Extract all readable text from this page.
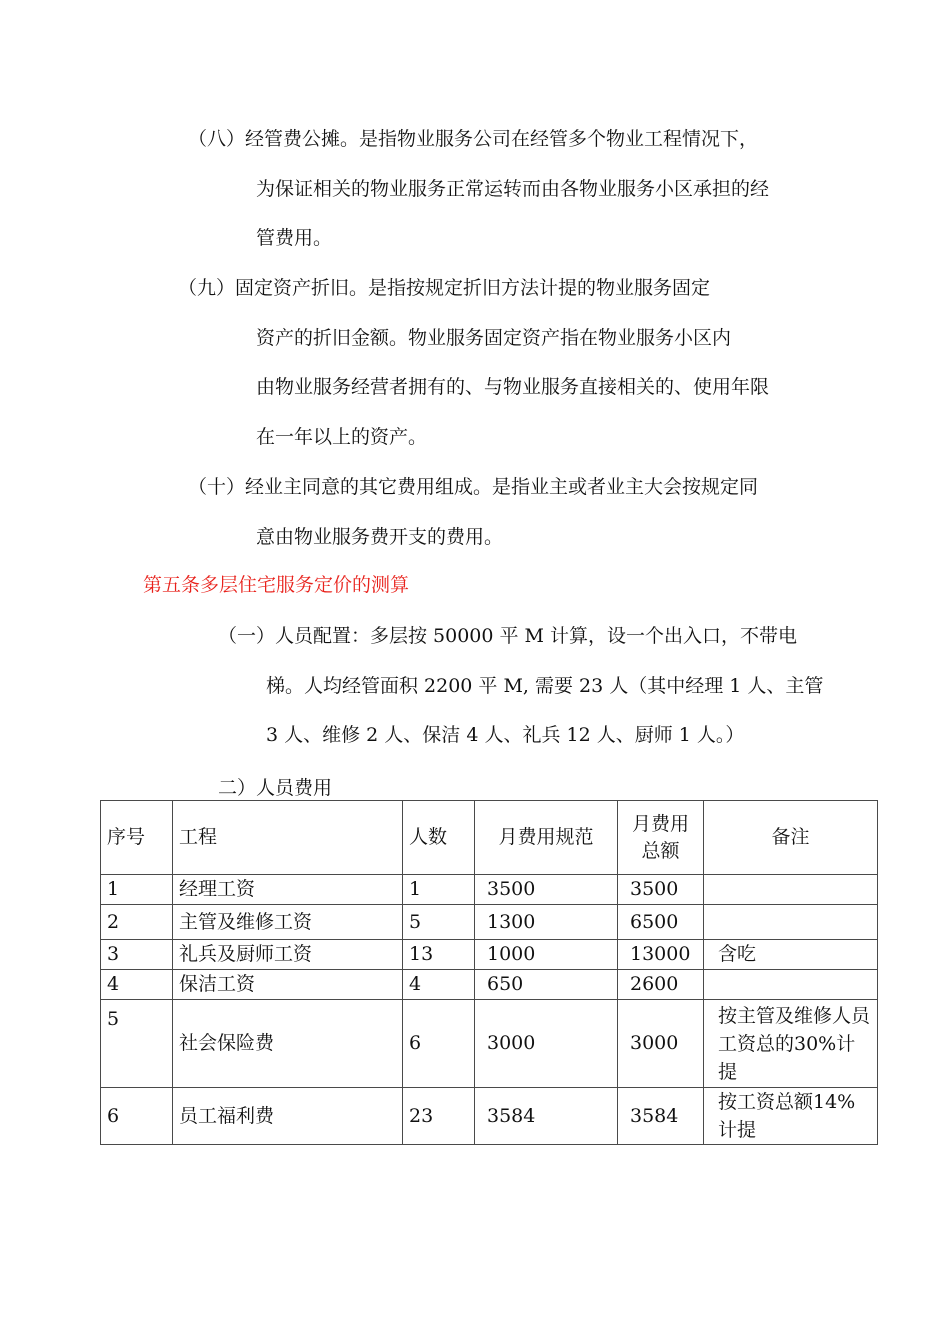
（八）经管费公摊。是指物业服务公司在经管多个物业工程情况下，
为保证相关的物业服务正常运转而由各物业服务小区承担的经
管费用。
（九）固定资产折旧。是指按规定折旧方法计提的物业服务固定
资产的折旧金额。物业服务固定资产指在物业服务小区内
由物业服务经营者拥有的、与物业服务直接相关的、使用年限
在一年以上的资产。
（十）经业主同意的其它费用组成。是指业主或者业主大会按规定同
意由物业服务费开支的费用。
第五条多层住宅服务定价的测算
（一）人员配置：多层按 50000 平 M 计算，设一个出入口，不带电
梯。人均经管面积 2200 平 M, 需要 23 人（其中经理 1 人、主管
3 人、维修 2 人、保洁 4 人、礼兵 12 人、厨师 1 人。）
二）人员费用
序号	工程	人数	月费用规范	月费用总额	备注
1	经理工资	1	3500	3500	
2	主管及维修工资	5	1300	6500	
3	礼兵及厨师工资	13	1000	13000	含吃
4	保洁工资	4	650	2600	
5	社会保险费	6	3000	3000	按主管及维修人员工资总的30%计提
6	员工福利费	23	3584	3584	按工资总额14%计提
